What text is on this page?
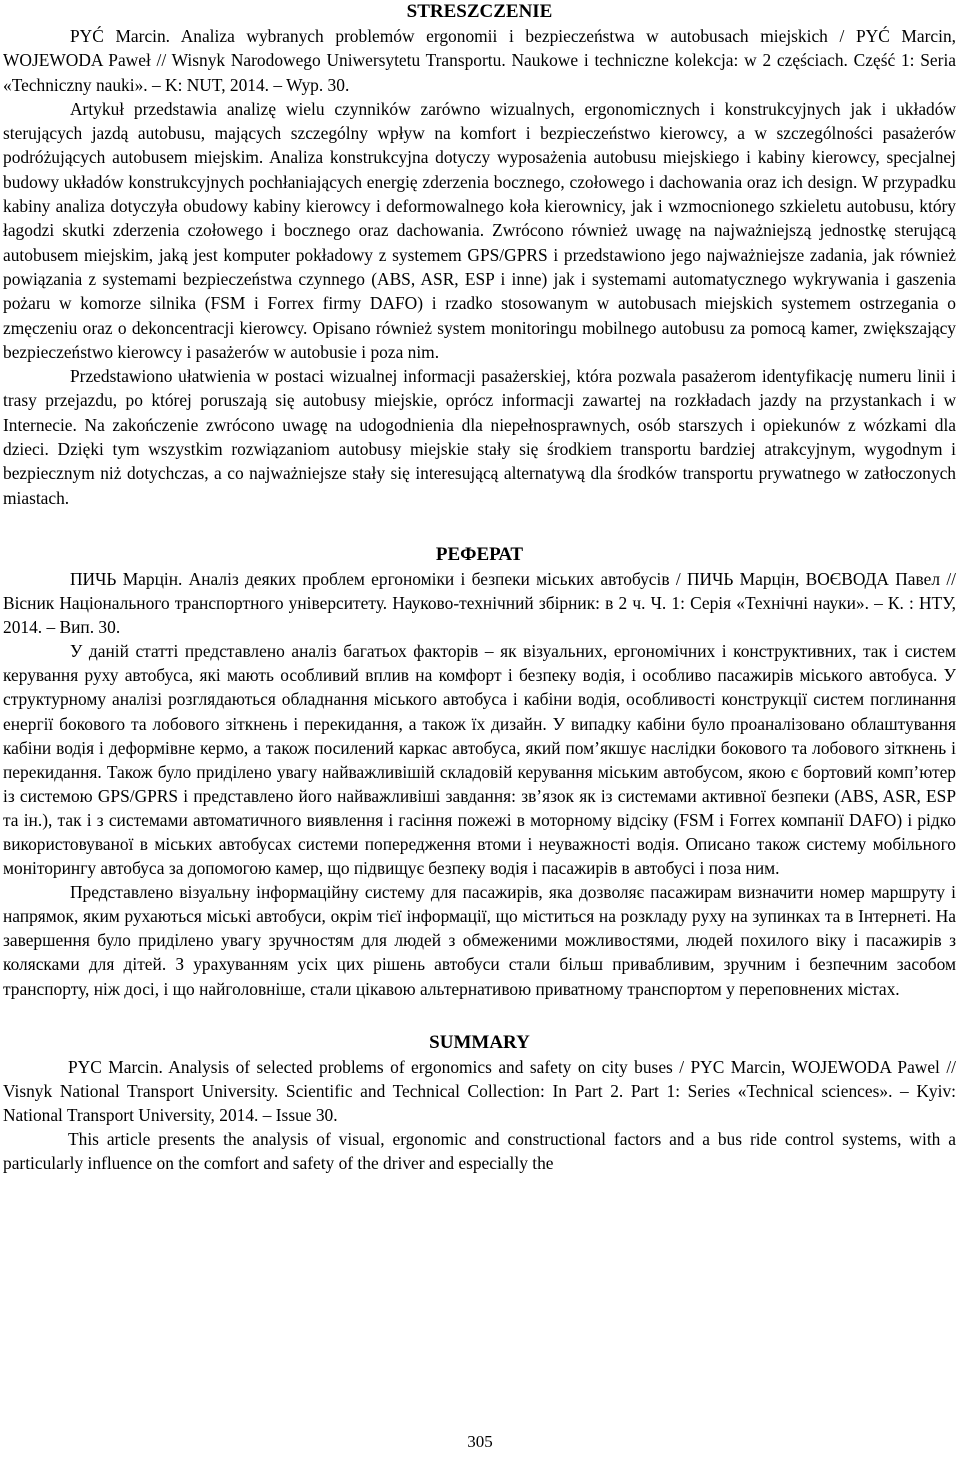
STRESZCZENIE

PYĆ Marcin. Analiza wybranych problemów ergonomii i bezpieczeństwa w autobusach miejskich / PYĆ Marcin, WOJEWODA Paweł // Wisnyk Narodowego Uniwersytetu Transportu. Naukowe i techniczne kolekcja: w 2 częściach. Część 1: Seria «Techniczny nauki». – K: NUT, 2014. – Wyp. 30.

Artykuł przedstawia analizę wielu czynników zarówno wizualnych, ergonomicznych i konstrukcyjnych jak i układów sterujących jazdą autobusu, mających szczególny wpływ na komfort i bezpieczeństwo kierowcy, a w szczególności pasażerów podróżujących autobusem miejskim. Analiza konstrukcyjna dotyczy wyposażenia autobusu miejskiego i kabiny kierowcy, specjalnej budowy układów konstrukcyjnych pochłaniających energię zderzenia bocznego, czołowego i dachowania oraz ich design. W przypadku kabiny analiza dotyczyła obudowy kabiny kierowcy i deformowalnego koła kierownicy, jak i wzmocnionego szkieletu autobusu, który łagodzi skutki zderzenia czołowego i bocznego oraz dachowania. Zwrócono również uwagę na najważniejszą jednostkę sterującą autobusem miejskim, jaką jest komputer pokładowy z systemem GPS/GPRS i przedstawiono jego najważniejsze zadania, jak również powiązania z systemami bezpieczeństwa czynnego (ABS, ASR, ESP i inne) jak i systemami automatycznego wykrywania i gaszenia pożaru w komorze silnika (FSM i Forrex firmy DAFO) i rzadko stosowanym w autobusach miejskich systemem ostrzegania o zmęczeniu oraz o dekoncentracji kierowcy. Opisano również system monitoringu mobilnego autobusu za pomocą kamer, zwiększający bezpieczeństwo kierowcy i pasażerów w autobusie i poza nim.

Przedstawiono ułatwienia w postaci wizualnej informacji pasażerskiej, która pozwala pasażerom identyfikację numeru linii i trasy przejazdu, po której poruszają się autobusy miejskie, oprócz informacji zawartej na rozkładach jazdy na przystankach i w Internecie. Na zakończenie zwrócono uwagę na udogodnienia dla niepełnosprawnych, osób starszych i opiekunów z wózkami dla dzieci. Dzięki tym wszystkim rozwiązaniom autobusy miejskie stały się środkiem transportu bardziej atrakcyjnym, wygodnym i bezpiecznym niż dotychczas, a co najważniejsze stały się interesującą alternatywą dla środków transportu prywatnego w zatłoczonych miastach.

РЕФЕРАТ

ПИЧЬ Марцін. Аналіз деяких проблем ергономіки і безпеки міських автобусів / ПИЧЬ Марцін, ВОЄВОДА Павел // Вісник Національного транспортного університету. Науково-технічний збірник: в 2 ч. Ч. 1: Серія «Технічні науки». – К. : НТУ, 2014. – Вип. 30.

У даній статті представлено аналіз багатьох факторів – як візуальних, ергономічних і конструктивних, так і систем керування руху автобуса, які мають особливий вплив на комфорт і безпеку водія, і особливо пасажирів міського автобуса. У структурному аналізі розглядаються обладнання міського автобуса і кабіни водія, особливості конструкції систем поглинання енергії бокового та лобового зіткнень і перекидання, а також їх дизайн. У випадку кабіни було проаналізовано облаштування кабіни водія і деформівне кермо, а також посилений каркас автобуса, який пом’якшує наслідки бокового та лобового зіткнень і перекидання. Також було приділено увагу найважливішій складовій керування міським автобусом, якою є бортовий комп’ютер із системою GPS/GPRS і представлено його найважливіші завдання: зв’язок як із системами активної безпеки (ABS, ASR, ESP та ін.), так і з системами автоматичного виявлення і гасіння пожежі в моторному відсіку (FSM і Forrex компанії DAFO) і рідко використовуваної в міських автобусах системи попередження втоми і неуважності водія. Описано також систему мобільного моніторингу автобуса за допомогою камер, що підвищує безпеку водія і пасажирів в автобусі і поза ним.

Представлено візуальну інформаційну систему для пасажирів, яка дозволяє пасажирам визначити номер маршруту і напрямок, яким рухаються міські автобуси, окрім тієї інформації, що міститься на розкладу руху на зупинках та в Інтернеті. На завершення було приділено увагу зручностям для людей з обмеженими можливостями, людей похилого віку і пасажирів з колясками для дітей. З урахуванням усіх цих рішень автобуси стали більш привабливим, зручним і безпечним засобом транспорту, ніж досі, і що найголовніше, стали цікавою альтернативою приватному транспортом у переповнених містах.

SUMMARY

PYC Marcin. Analysis of selected problems of ergonomics and safety on city buses / PYC Marcin, WOJEWODA Pawel // Visnyk National Transport University. Scientific and Technical Collection: In Part 2. Part 1: Series «Technical sciences». – Kyiv: National Transport University, 2014. – Issue 30.

This article presents the analysis of visual, ergonomic and constructional factors and a bus ride control systems, with a particularly influence on the comfort and safety of the driver and especially the

305
